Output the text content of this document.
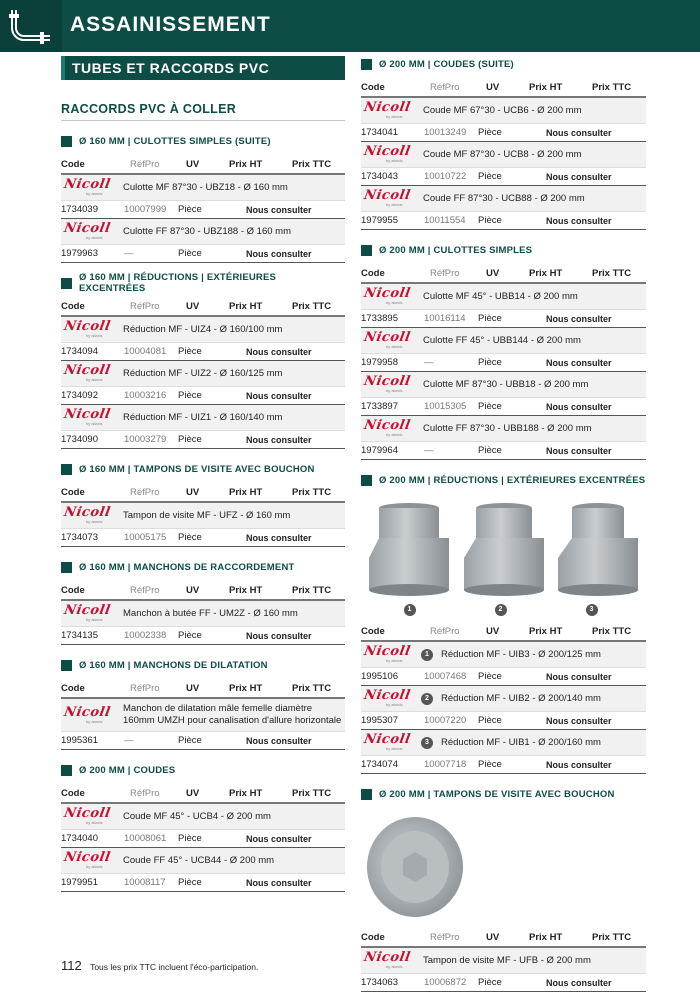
ASSAINISSEMENT
TUBES ET RACCORDS PVC
RACCORDS PVC À COLLER
Ø 160 MM | CULOTTES SIMPLES (SUITE)
Code	RéfPro	UV	Prix HT	Prix TTC
Nicoll
by aliaxis
Culotte MF 87°30 - UBZ18 - Ø 160 mm
1734039	10007999	Pièce	Nous consulter
Nicoll
by aliaxis
Culotte FF 87°30 - UBZ188 - Ø 160 mm
1979963	—	Pièce	Nous consulter
Ø 160 MM | RÉDUCTIONS | EXTÉRIEURES EXCENTRÉES
Code	RéfPro	UV	Prix HT	Prix TTC
Nicoll
by aliaxis
Réduction MF - UIZ4 - Ø 160/100 mm
1734094	10004081	Pièce	Nous consulter
Nicoll
by aliaxis
Réduction MF - UIZ2 - Ø 160/125 mm
1734092	10003216	Pièce	Nous consulter
Nicoll
by aliaxis
Réduction MF - UIZ1 - Ø 160/140 mm
1734090	10003279	Pièce	Nous consulter
Ø 160 MM | TAMPONS DE VISITE AVEC BOUCHON
Code	RéfPro	UV	Prix HT	Prix TTC
Nicoll
by aliaxis
Tampon de visite MF - UFZ - Ø 160 mm
1734073	10005175	Pièce	Nous consulter
Ø 160 MM | MANCHONS DE RACCORDEMENT
Code	RéfPro	UV	Prix HT	Prix TTC
Nicoll
by aliaxis
Manchon à butée FF - UM2Z - Ø 160 mm
1734135	10002338	Pièce	Nous consulter
Ø 160 MM | MANCHONS DE DILATATION
Code	RéfPro	UV	Prix HT	Prix TTC
Nicoll
by aliaxis
Manchon de dilatation mâle femelle diamètre 160mm UMZH pour canalisation d'allure horizontale
1995361	—	Pièce	Nous consulter
Ø 200 MM | COUDES
Code	RéfPro	UV	Prix HT	Prix TTC
Nicoll
by aliaxis
Coude MF 45° - UCB4 - Ø 200 mm
1734040	10008061	Pièce	Nous consulter
Nicoll
by aliaxis
Coude FF 45° - UCB44 - Ø 200 mm
1979951	10008117	Pièce	Nous consulter
Ø 200 MM | COUDES (SUITE)
Code	RéfPro	UV	Prix HT	Prix TTC
Nicoll
by aliaxis
Coude MF 67°30 - UCB6 - Ø 200 mm
1734041	10013249	Pièce	Nous consulter
Nicoll
by aliaxis
Coude MF 87°30 - UCB8 - Ø 200 mm
1734043	10010722	Pièce	Nous consulter
Nicoll
by aliaxis
Coude FF 87°30 - UCB88 - Ø 200 mm
1979955	10011554	Pièce	Nous consulter
Ø 200 MM | CULOTTES SIMPLES
Code	RéfPro	UV	Prix HT	Prix TTC
Nicoll
by aliaxis
Culotte MF 45° - UBB14 - Ø 200 mm
1733895	10016114	Pièce	Nous consulter
Nicoll
by aliaxis
Culotte FF 45° - UBB144 - Ø 200 mm
1979958	—	Pièce	Nous consulter
Nicoll
by aliaxis
Culotte MF 87°30 - UBB18 - Ø 200 mm
1733897	10015305	Pièce	Nous consulter
Nicoll
by aliaxis
Culotte FF 87°30 - UBB188 - Ø 200 mm
1979964	—	Pièce	Nous consulter
Ø 200 MM | RÉDUCTIONS | EXTÉRIEURES EXCENTRÉES
1	2	3
Code	RéfPro	UV	Prix HT	Prix TTC
Nicoll
by aliaxis
1	Réduction MF - UIB3 - Ø 200/125 mm
1995106	10007468	Pièce	Nous consulter
Nicoll
by aliaxis
2	Réduction MF - UIB2 - Ø 200/140 mm
1995307	10007220	Pièce	Nous consulter
Nicoll
by aliaxis
3	Réduction MF - UIB1 - Ø 200/160 mm
1734074	10007718	Pièce	Nous consulter
Ø 200 MM | TAMPONS DE VISITE AVEC BOUCHON
Code	RéfPro	UV	Prix HT	Prix TTC
Nicoll
by aliaxis
Tampon de visite MF - UFB - Ø 200 mm
1734063	10006872	Pièce	Nous consulter
112 Tous les prix TTC incluent l'éco-participation.
